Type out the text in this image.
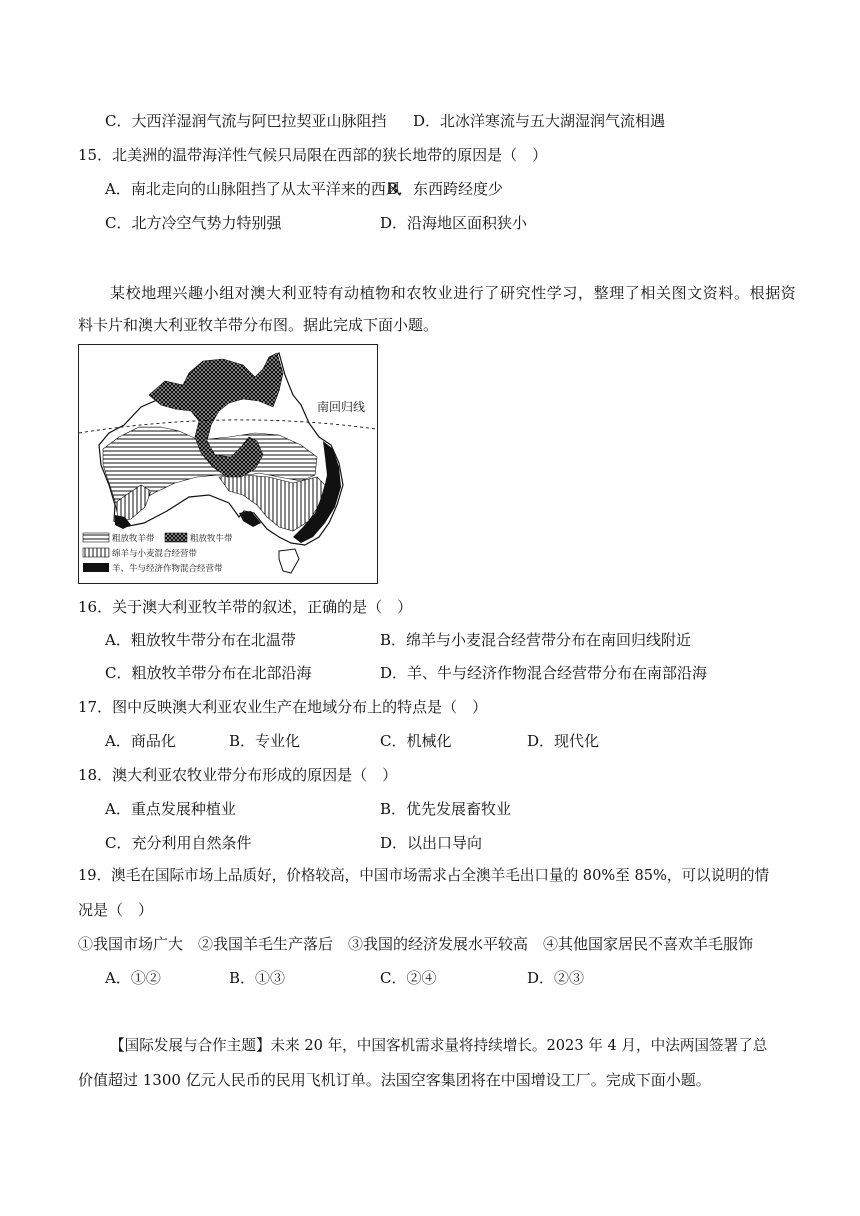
C．大西洋湿润气流与阿巴拉契亚山脉阻挡 D．北冰洋寒流与五大湖湿润气流相遇
15．北美洲的温带海洋性气候只局限在西部的狭长地带的原因是（　）
A．南北走向的山脉阻挡了从太平洋来的西风
B．东西跨经度少
C．北方冷空气势力特别强	D．沿海地区面积狭小
某校地理兴趣小组对澳大利亚特有动植物和农牧业进行了研究性学习，整理了相关图文资料。根据资
料卡片和澳大利亚牧羊带分布图。据此完成下面小题。
南回归线
粗放牧羊带	粗放牧牛带
绵羊与小麦混合经营带
羊、牛与经济作物混合经营带
16．关于澳大利亚牧羊带的叙述，正确的是（　）
A．粗放牧牛带分布在北温带	B．绵羊与小麦混合经营带分布在南回归线附近
C．粗放牧羊带分布在北部沿海	D．羊、牛与经济作物混合经营带分布在南部沿海
17．图中反映澳大利亚农业生产在地域分布上的特点是（　）
A．商品化	B．专业化	C．机械化	D．现代化
18．澳大利亚农牧业带分布形成的原因是（　）
A．重点发展种植业	B．优先发展畜牧业
C．充分利用自然条件	D．以出口导向
19．澳毛在国际市场上品质好，价格较高，中国市场需求占全澳羊毛出口量的 80%至 85%，可以说明的情
况是（　）
①我国市场广大　②我国羊毛生产落后　③我国的经济发展水平较高　④其他国家居民不喜欢羊毛服饰
A．①②	B．①③	C．②④	D．②③
【国际发展与合作主题】未来 20 年，中国客机需求量将持续增长。2023 年 4 月，中法两国签署了总
价值超过 1300 亿元人民币的民用飞机订单。法国空客集团将在中国增设工厂。完成下面小题。
